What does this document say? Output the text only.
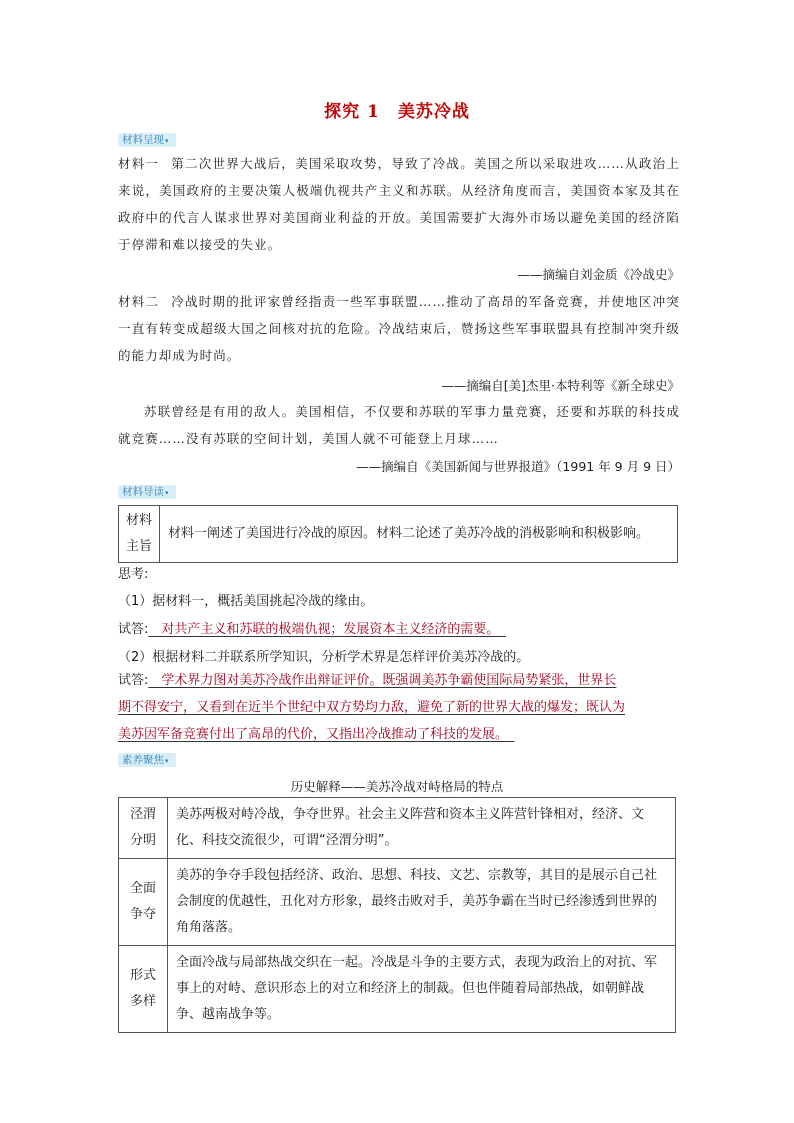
探究 1　美苏冷战
材料呈现 ▾
材料一 第二次世界大战后，美国采取攻势，导致了冷战。美国之所以采取进攻……从政治上来说，美国政府的主要决策人极端仇视共产主义和苏联。从经济角度而言，美国资本家及其在政府中的代言人谋求世界对美国商业利益的开放。美国需要扩大海外市场以避免美国的经济陷于停滞和难以接受的失业。
——摘编自刘金质《冷战史》
材料二 冷战时期的批评家曾经指责一些军事联盟……推动了高昂的军备竞赛，并使地区冲突一直有转变成超级大国之间核对抗的危险。冷战结束后，赞扬这些军事联盟具有控制冲突升级的能力却成为时尚。
——摘编自[美]杰里·本特利等《新全球史》
苏联曾经是有用的敌人。美国相信，不仅要和苏联的军事力量竞赛，还要和苏联的科技成就竞赛……没有苏联的空间计划，美国人就不可能登上月球……
——摘编自《美国新闻与世界报道》（1991 年 9 月 9 日）
材料导读 ▾
材料
主旨
	材料一阐述了美国进行冷战的原因。材料二论述了美苏冷战的消极影响和积极影响。
思考:
（1）据材料一，概括美国挑起冷战的缘由。
试答:　对共产主义和苏联的极端仇视；发展资本主义经济的需要。　
（2）根据材料二并联系所学知识，分析学术界是怎样评价美苏冷战的。
试答:　学术界力图对美苏冷战作出辩证评价。既强调美苏争霸使国际局势紧张，世界长
期不得安宁，又看到在近半个世纪中双方势均力敌，避免了新的世界大战的爆发；既认为
美苏因军备竞赛付出了高昂的代价，又指出冷战推动了科技的发展。　
素养聚焦 ▾
历史解释——美苏冷战对峙格局的特点
泾渭
分明	美苏两极对峙冷战，争夺世界。社会主义阵营和资本主义阵营针锋相对，经济、文化、科技交流很少，可谓“泾渭分明”。

全面
争夺	美苏的争夺手段包括经济、政治、思想、科技、文艺、宗教等，其目的是展示自己社会制度的优越性，丑化对方形象，最终击败对手，美苏争霸在当时已经渗透到世界的角角落落。

形式
多样	全面冷战与局部热战交织在一起。冷战是斗争的主要方式，表现为政治上的对抗、军事上的对峙、意识形态上的对立和经济上的制裁。但也伴随着局部热战，如朝鲜战争、越南战争等。
